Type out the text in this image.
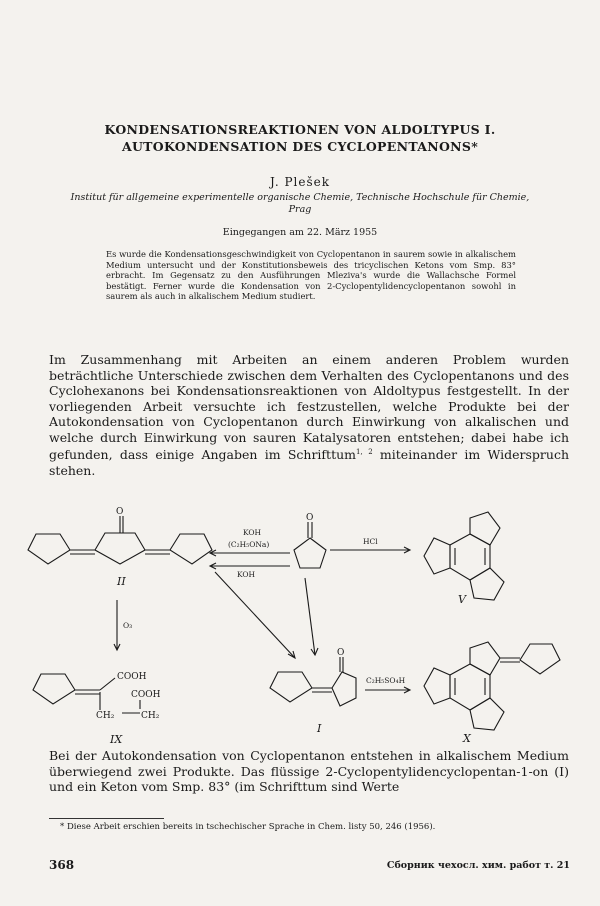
KONDENSATIONSREAKTIONEN VON ALDOLTYPUS I.
AUTOKONDENSATION DES CYCLOPENTANONS*
J. Plešek
Institut für allgemeine experimentelle organische Chemie, Technische Hochschule für Chemie, Prag
Eingegangen am 22. März 1955
Es wurde die Kondensationsgeschwindigkeit von Cyclopentanon in saurem sowie in alkalischem Medium untersucht und der Konstitutionsbeweis des tricyclischen Ketons vom Smp. 83° erbracht. Im Gegensatz zu den Ausführungen Mleziva's wurde die Wallachsche Formel bestätigt. Ferner wurde die Kondensation von 2-Cyclopentylidencyclopentanon sowohl in saurem als auch in alkalischem Medium studiert.
Im Zusammenhang mit Arbeiten an einem anderen Problem wurden beträchtliche Unterschiede zwischen dem Verhalten des Cyclopentanons und des Cyclohexanons bei Kondensationsreaktionen von Aldoltypus festgestellt. In der vorliegenden Arbeit versuchte ich festzustellen, welche Produkte bei der Autokondensation von Cyclopentanon durch Einwirkung von alkalischen und welche durch Einwirkung von sauren Katalysatoren entstehen; dabei habe ich gefunden, dass einige Angaben im Schrifttum$^{1, 2}$ miteinander im Widerspruch stehen.
O
II
O
KOH
(C₂H₅ONa)
KOH
HCl
V
O₃
COOH
COOH
CH₂	CH₂
IX
O
I
C₂H₅SO₄H
X
Bei der Autokondensation von Cyclopentanon entstehen in alkalischem Medium überwiegend zwei Produkte. Das flüssige 2-Cyclopentylidencyclopentan-1-on (I) und ein Keton vom Smp. 83° (im Schrifttum sind Werte
* Diese Arbeit erschien bereits in tschechischer Sprache in Chem. listy 50, 246 (1956).
368	Сборник чехосл. хим. работ т. 21
